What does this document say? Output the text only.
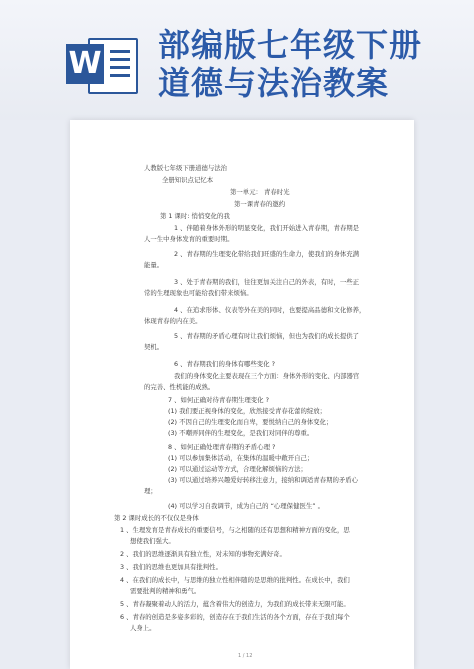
W 部编版七年级下册
道德与法治教案
人教版七年级下册道德与法治
全册知识点记忆本
第一单元： 青春时光
第一课青春的邀约
第 1 课时: 悄悄变化的我
1 、伴随着身体外形的明显变化，我们开始进入青春期，青春期是
人一生中身体发育的重要时期。
2 、青春期的生理变化带给我们旺盛的生命力，使我们的身体充满
能量。
3 、处于青春期的我们，往往更加关注自己的外表，有时，一些正
常的生理现象也可能给我们带来烦恼。
4 、在追求形体、仪表等外在美的同时，也要提高品德和文化修养，
体现青春的内在美。
5 、青春期的矛盾心理有时让我们烦恼，但也为我们的成长提供了
契机。
6 、青春期我们的身体有哪些变化 ?
我们的身体变化主要表现在三个方面：身体外形的变化、内部器官
的完善、性机能的成熟。
7 、如何正确对待青春期生理变化 ?
(1) 我们要正视身体的变化，欣然接受青春花蕾的绽放；
(2) 不因自己的生理变化而自卑，要悦纳自己的身体变化；
(3) 不嘲弄同伴的生理变化，是我们对同伴的尊重。
8 、如何正确处理青春期的矛盾心理 ?
(1) 可以参加集体活动，在集体的温暖中敞开自己；
(2) 可以通过运动等方式，合理化解烦恼的方法；
(3) 可以通过培养兴趣爱好转移注意力，接纳和调适青春期的矛盾心
理；
(4) 可以学习自我调节，成为自己的 “心理保健医生” 。
第 2 课时成长的不仅仅是身体
1 、生理发育是青春成长的重要信号，与之相随的还有思想和精神方面的变化，思
想使我们强大。
2 、我们的思维逐渐具有独立性，对未知的事物充满好奇。
3 、我们的思维也更加具有批判性。
4 、在我们的成长中，与思维的独立性相伴随的是思维的批判性。在成长中，我们
需要批判的精神和勇气。
5 、青春凝聚着动人的活力，蕴含着伟大的创造力，为我们的成长带来无限可能。
6 、青春的创造是多姿多彩的，创造存在于我们生活的各个方面，存在于我们每个
人身上。
1 / 12
